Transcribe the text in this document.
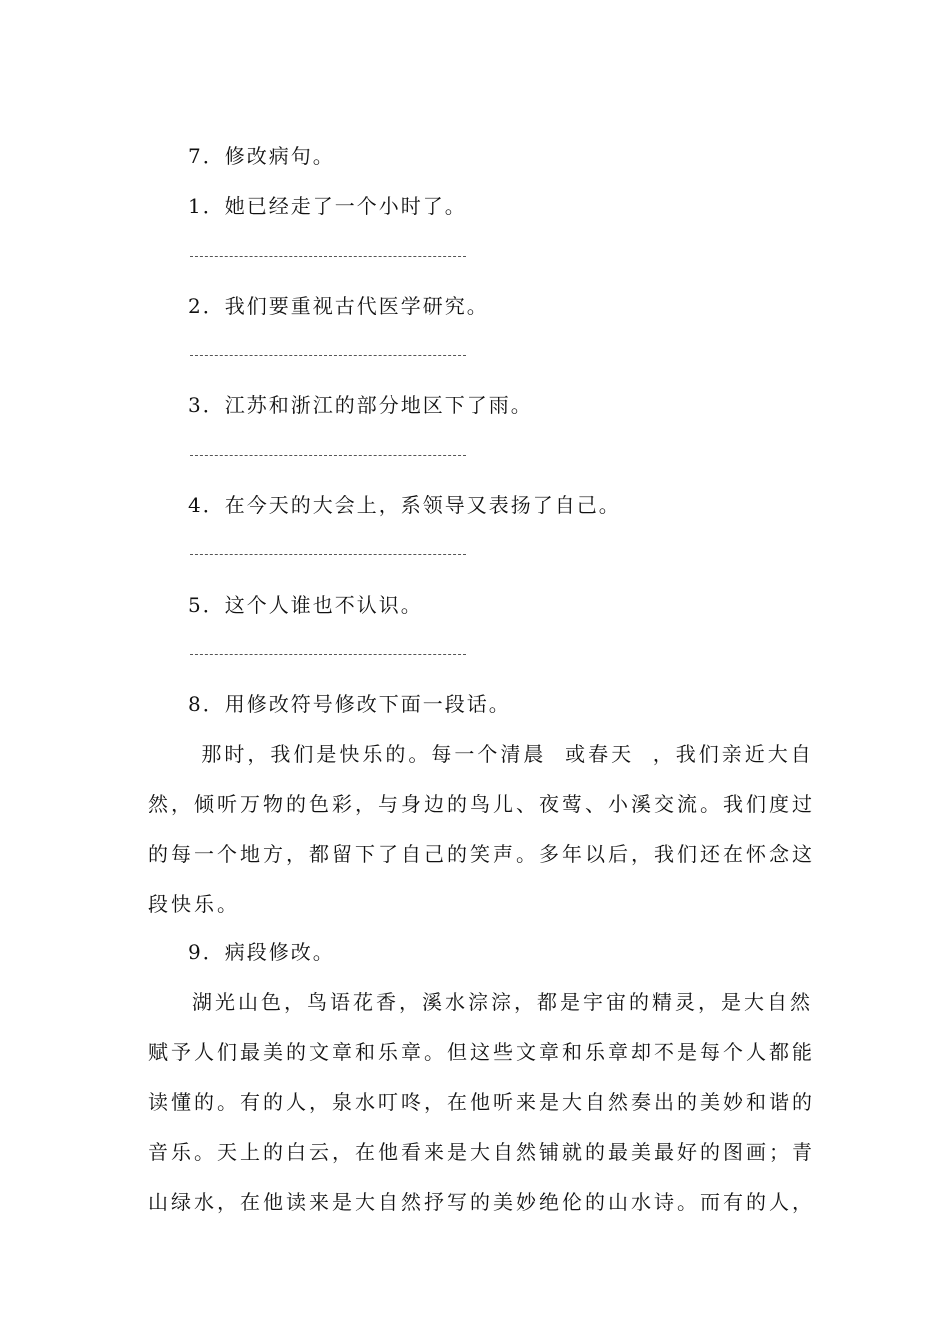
7．修改病句。
1．她已经走了一个小时了。
2．我们要重视古代医学研究。
3．江苏和浙江的部分地区下了雨。
4．在今天的大会上，系领导又表扬了自己。
5．这个人谁也不认识。
8．用修改符号修改下面一段话。
那时，我们是快乐的。每一个清晨  或春天  ，我们亲近大自
然，倾听万物的色彩，与身边的鸟儿、夜莺、小溪交流。我们度过
的每一个地方，都留下了自己的笑声。多年以后，我们还在怀念这
段快乐。
9．病段修改。
湖光山色，鸟语花香，溪水淙淙，都是宇宙的精灵，是大自然
赋予人们最美的文章和乐章。但这些文章和乐章却不是每个人都能
读懂的。有的人，泉水叮咚，在他听来是大自然奏出的美妙和谐的
音乐。天上的白云，在他看来是大自然铺就的最美最好的图画；青
山绿水，在他读来是大自然抒写的美妙绝伦的山水诗。而有的人，
